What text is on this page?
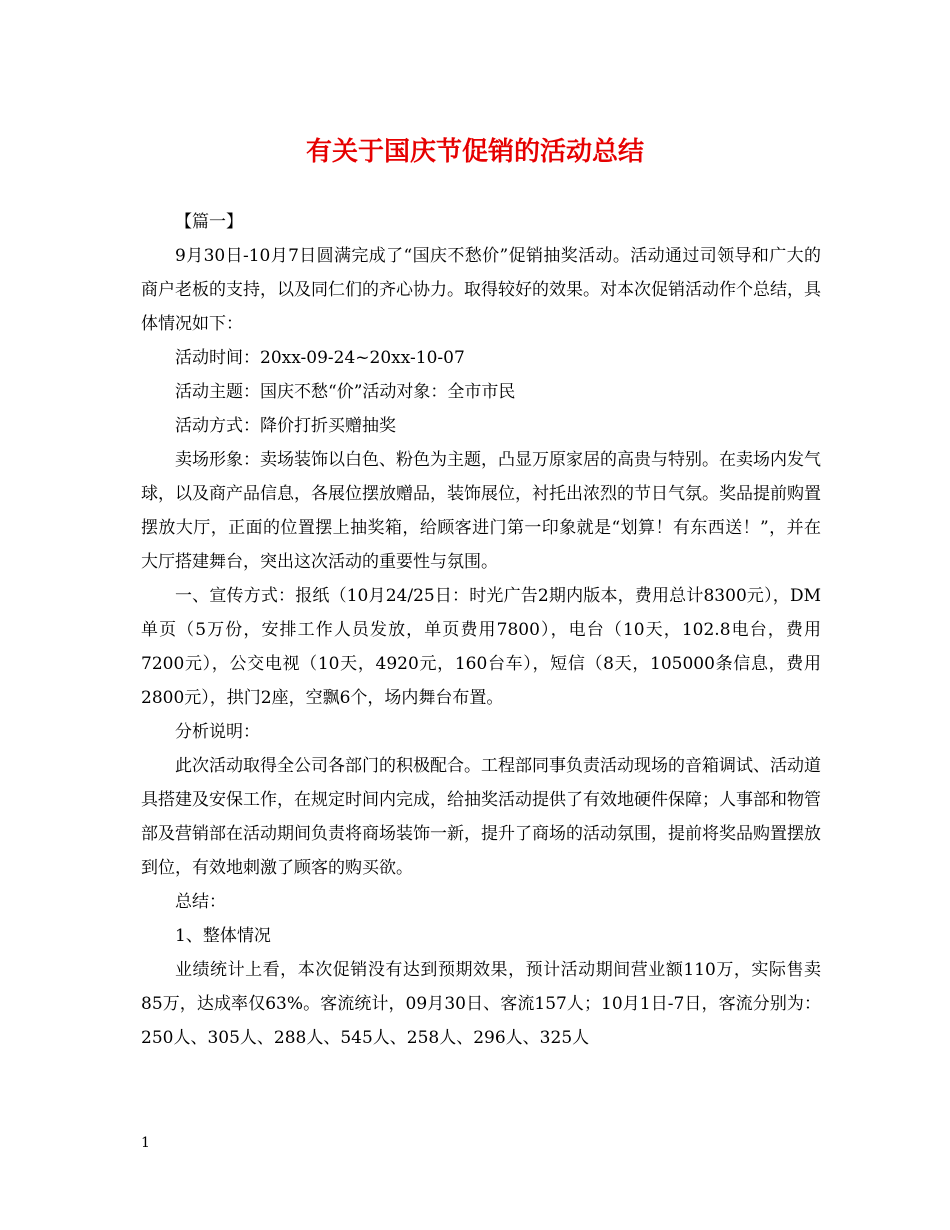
有关于国庆节促销的活动总结

【篇一】

9月30日-10月7日圆满完成了“国庆不愁价”促销抽奖活动。活动通过司领导和广大的商户老板的支持，以及同仁们的齐心协力。取得较好的效果。对本次促销活动作个总结，具体情况如下：

活动时间：20xx-09-24~20xx-10-07

活动主题：国庆不愁“价”活动对象：全市市民

活动方式：降价打折买赠抽奖

卖场形象：卖场装饰以白色、粉色为主题，凸显万原家居的高贵与特别。在卖场内发气球，以及商产品信息，各展位摆放赠品，装饰展位，衬托出浓烈的节日气氛。奖品提前购置摆放大厅，正面的位置摆上抽奖箱，给顾客进门第一印象就是“划算！有东西送！”，并在大厅搭建舞台，突出这次活动的重要性与氛围。

一、宣传方式：报纸（10月24/25日：时光广告2期内版本，费用总计8300元），DM单页（5万份，安排工作人员发放，单页费用7800），电台（10天，102.8电台，费用7200元），公交电视（10天，4920元，160台车），短信（8天，105000条信息，费用2800元），拱门2座，空飘6个，场内舞台布置。

分析说明：

此次活动取得全公司各部门的积极配合。工程部同事负责活动现场的音箱调试、活动道具搭建及安保工作，在规定时间内完成，给抽奖活动提供了有效地硬件保障；人事部和物管部及营销部在活动期间负责将商场装饰一新，提升了商场的活动氛围，提前将奖品购置摆放到位，有效地刺激了顾客的购买欲。

总结：

1、整体情况

业绩统计上看，本次促销没有达到预期效果，预计活动期间营业额110万，实际售卖85万，达成率仅63%。客流统计，09月30日、客流157人；10月1日-7日，客流分别为：250人、305人、288人、545人、258人、296人、325人

1
